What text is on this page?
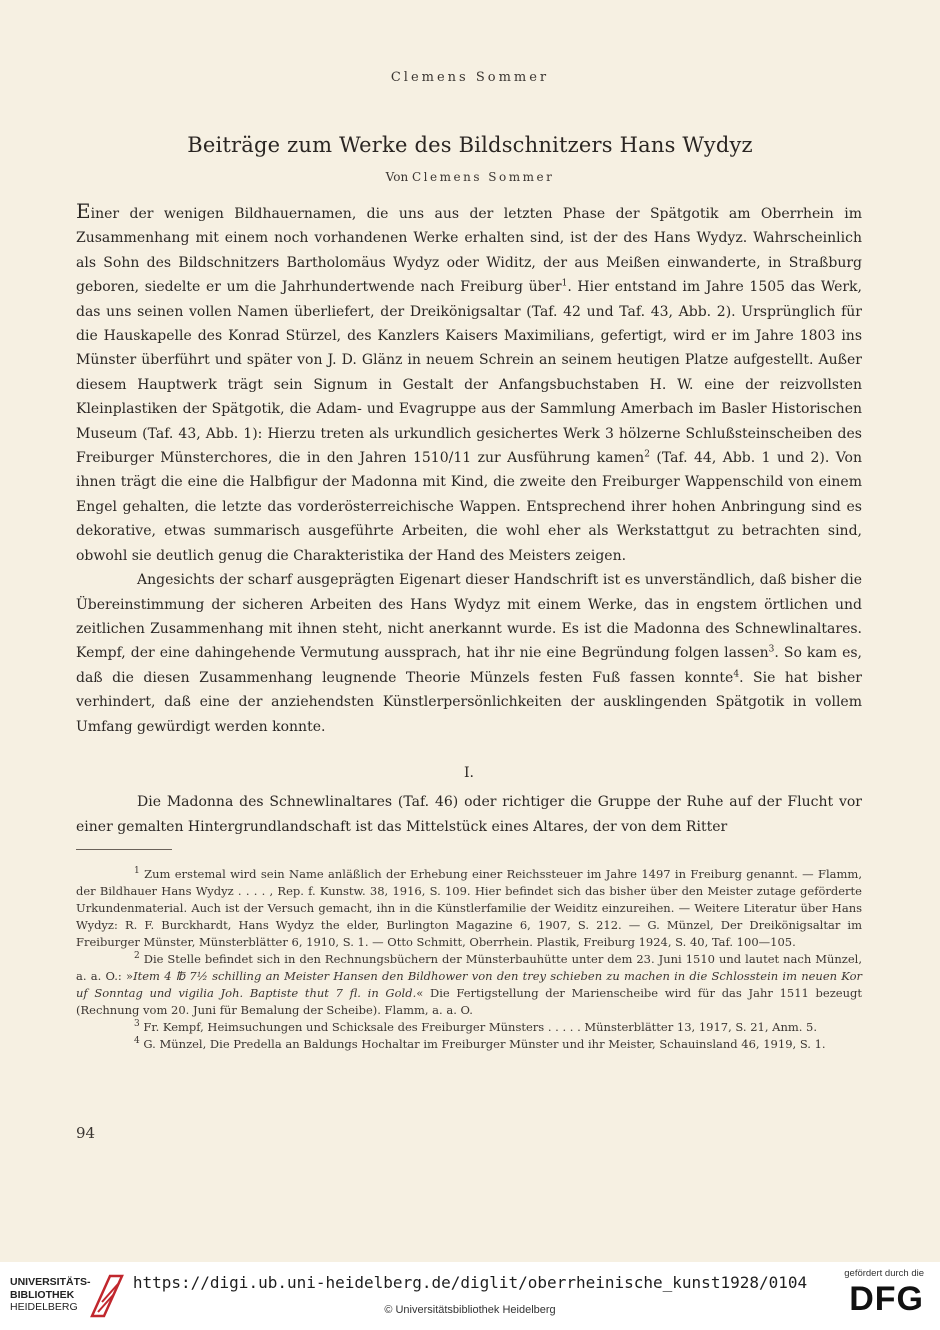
Clemens Sommer
Beiträge zum Werke des Bildschnitzers Hans Wydyz
Von Clemens Sommer

Einer der wenigen Bildhauernamen, die uns aus der letzten Phase der Spätgotik am Oberrhein im Zusammenhang mit einem noch vorhandenen Werke erhalten sind, ist der des Hans Wydyz. Wahrscheinlich als Sohn des Bildschnitzers Bartholomäus Wydyz oder Widitz, der aus Meißen einwanderte, in Straßburg geboren, siedelte er um die Jahrhundertwende nach Freiburg über$^1$. Hier entstand im Jahre 1505 das Werk, das uns seinen vollen Namen überliefert, der Dreikönigsaltar (Taf. 42 und Taf. 43, Abb. 2). Ursprünglich für die Hauskapelle des Konrad Stürzel, des Kanzlers Kaisers Maximilians, gefertigt, wird er im Jahre 1803 ins Münster überführt und später von J. D. Glänz in neuem Schrein an seinem heutigen Platze aufgestellt. Außer diesem Hauptwerk trägt sein Signum in Gestalt der Anfangsbuchstaben H. W. eine der reizvollsten Kleinplastiken der Spätgotik, die Adam- und Evagruppe aus der Sammlung Amerbach im Basler Historischen Museum (Taf. 43, Abb. 1): Hierzu treten als urkundlich gesichertes Werk 3 hölzerne Schlußsteinscheiben des Freiburger Münsterchores, die in den Jahren 1510/11 zur Ausführung kamen$^2$ (Taf. 44, Abb. 1 und 2). Von ihnen trägt die eine die Halbfigur der Madonna mit Kind, die zweite den Freiburger Wappenschild von einem Engel gehalten, die letzte das vorderösterreichische Wappen. Entsprechend ihrer hohen Anbringung sind es dekorative, etwas summarisch ausgeführte Arbeiten, die wohl eher als Werkstattgut zu betrachten sind, obwohl sie deutlich genug die Charakteristika der Hand des Meisters zeigen.

Angesichts der scharf ausgeprägten Eigenart dieser Handschrift ist es unverständlich, daß bisher die Übereinstimmung der sicheren Arbeiten des Hans Wydyz mit einem Werke, das in engstem örtlichen und zeitlichen Zusammenhang mit ihnen steht, nicht anerkannt wurde. Es ist die Madonna des Schnewlinaltares. Kempf, der eine dahingehende Vermutung aussprach, hat ihr nie eine Begründung folgen lassen$^3$. So kam es, daß die diesen Zusammenhang leugnende Theorie Münzels festen Fuß fassen konnte$^4$. Sie hat bisher verhindert, daß eine der anziehendsten Künstlerpersönlichkeiten der ausklingenden Spätgotik in vollem Umfang gewürdigt werden konnte.

I.

Die Madonna des Schnewlinaltares (Taf. 46) oder richtiger die Gruppe der Ruhe auf der Flucht vor einer gemalten Hintergrundlandschaft ist das Mittelstück eines Altares, der von dem Ritter

$^1$ Zum erstemal wird sein Name anläßlich der Erhebung einer Reichssteuer im Jahre 1497 in Freiburg genannt. — Flamm, der Bildhauer Hans Wydyz . . . . , Rep. f. Kunstw. 38, 1916, S. 109. Hier befindet sich das bisher über den Meister zutage geförderte Urkundenmaterial. Auch ist der Versuch gemacht, ihn in die Künstlerfamilie der Weiditz einzureihen. — Weitere Literatur über Hans Wydyz: R. F. Burckhardt, Hans Wydyz the elder, Burlington Magazine 6, 1907, S. 212. — G. Münzel, Der Dreikönigsaltar im Freiburger Münster, Münsterblätter 6, 1910, S. 1. — Otto Schmitt, Oberrhein. Plastik, Freiburg 1924, S. 40, Taf. 100—105.

$^2$ Die Stelle befindet sich in den Rechnungsbüchern der Münsterbauhütte unter dem 23. Juni 1510 und lautet nach Münzel, a. a. O.: »Item 4 ℔ 7½ schilling an Meister Hansen den Bildhower von den trey schieben zu machen in die Schlosstein im neuen Kor uf Sonntag und vigilia Joh. Baptiste thut 7 fl. in Gold.« Die Fertigstellung der Marienscheibe wird für das Jahr 1511 bezeugt (Rechnung vom 20. Juni für Bemalung der Scheibe). Flamm, a. a. O.

$^3$ Fr. Kempf, Heimsuchungen und Schicksale des Freiburger Münsters . . . . . Münsterblätter 13, 1917, S. 21, Anm. 5.

$^4$ G. Münzel, Die Predella an Baldungs Hochaltar im Freiburger Münster und ihr Meister, Schauinsland 46, 1919, S. 1.

94
UNIVERSITÄTS-
BIBLIOTHEK
HEIDELBERG
https://digi.ub.uni-heidelberg.de/diglit/oberrheinische_kunst1928/0104
© Universitätsbibliothek Heidelberg
gefördert durch die
DFG
